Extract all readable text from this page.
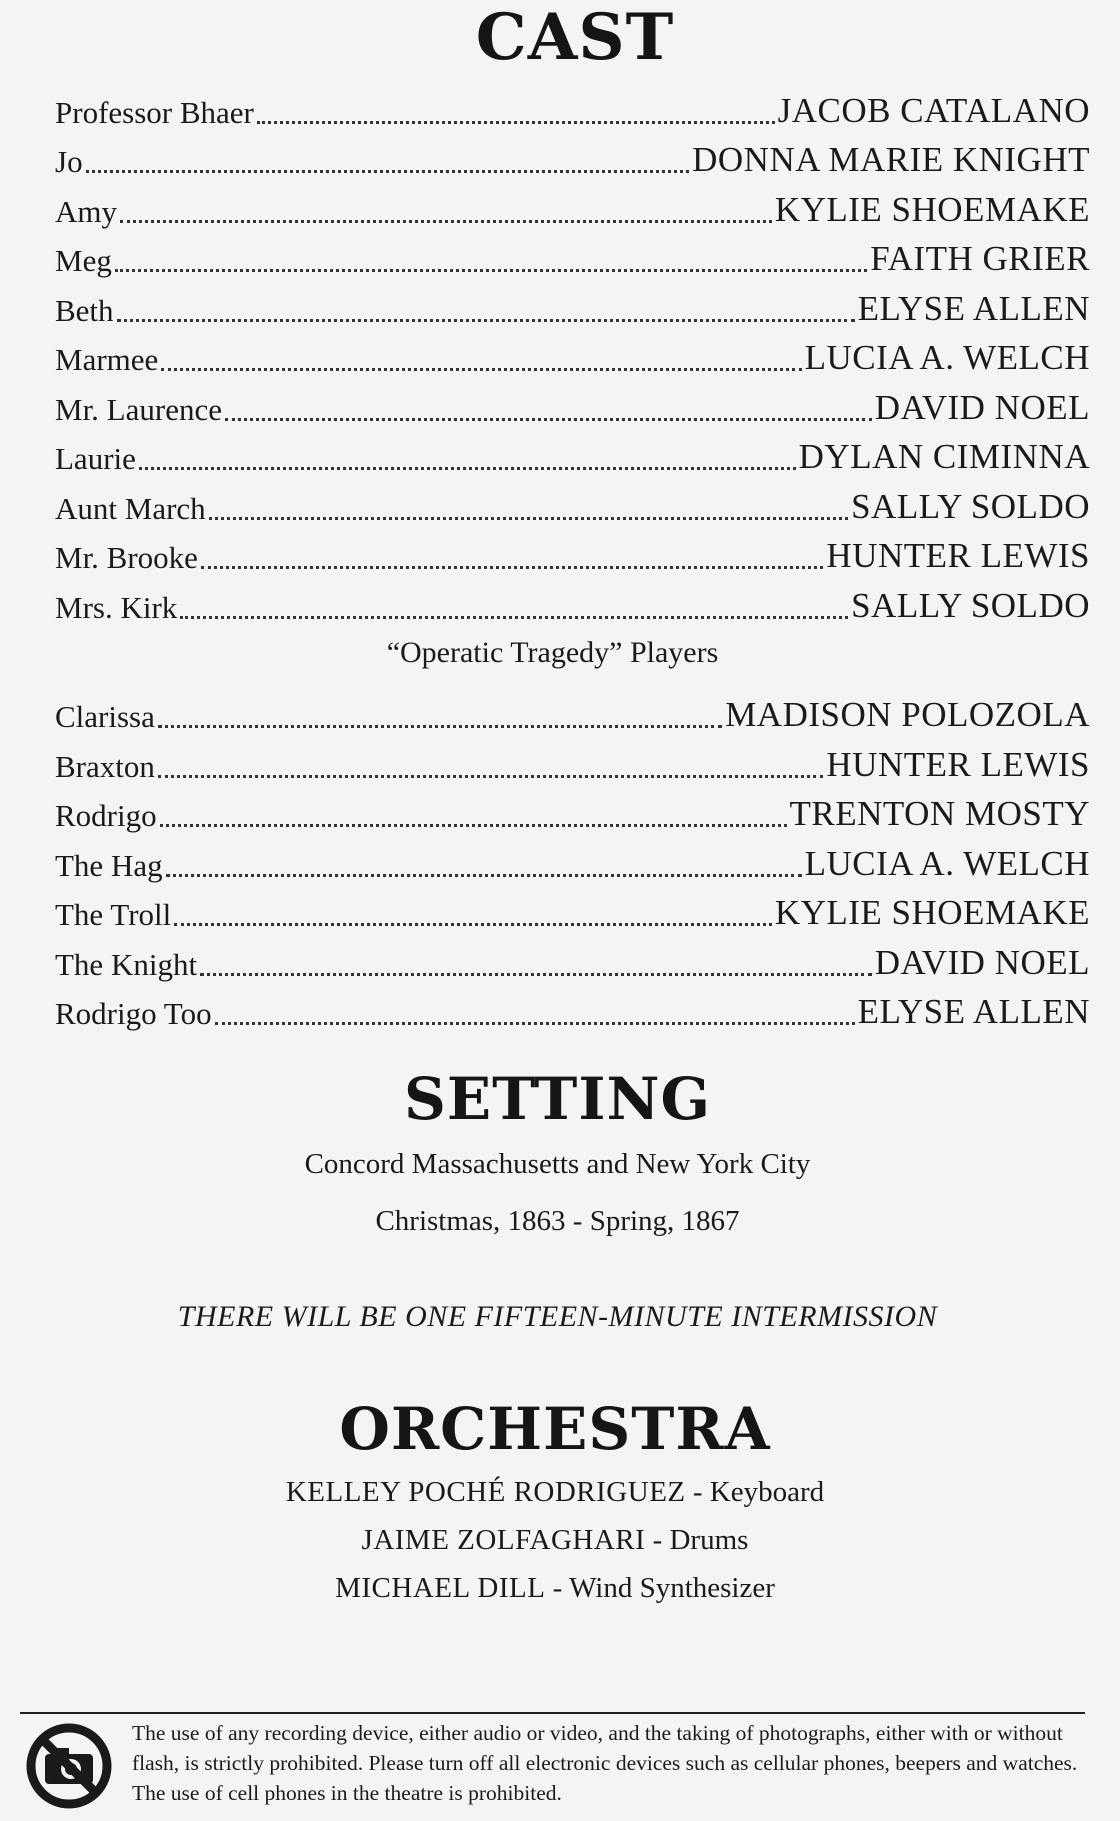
CAST
Professor Bhaer	JACOB CATALANO
Jo	DONNA MARIE KNIGHT
Amy	KYLIE SHOEMAKE
Meg	FAITH GRIER
Beth	ELYSE ALLEN
Marmee	LUCIA A. WELCH
Mr. Laurence	DAVID NOEL
Laurie	DYLAN CIMINNA
Aunt March	SALLY SOLDO
Mr. Brooke	HUNTER LEWIS
Mrs. Kirk	SALLY SOLDO
“Operatic Tragedy” Players
Clarissa	MADISON POLOZOLA
Braxton	HUNTER LEWIS
Rodrigo	TRENTON MOSTY
The Hag	LUCIA A. WELCH
The Troll	KYLIE SHOEMAKE
The Knight	DAVID NOEL
Rodrigo Too	ELYSE ALLEN
SETTING
Concord Massachusetts and New York City
Christmas, 1863 - Spring, 1867
THERE WILL BE ONE FIFTEEN-MINUTE INTERMISSION
ORCHESTRA
KELLEY POCHÉ RODRIGUEZ - Keyboard
JAIME ZOLFAGHARI - Drums
MICHAEL DILL - Wind Synthesizer
The use of any recording device, either audio or video, and the taking of photographs, either with or without flash, is strictly prohibited. Please turn off all electronic devices such as cellular phones, beepers and watches. The use of cell phones in the theatre is prohibited.
